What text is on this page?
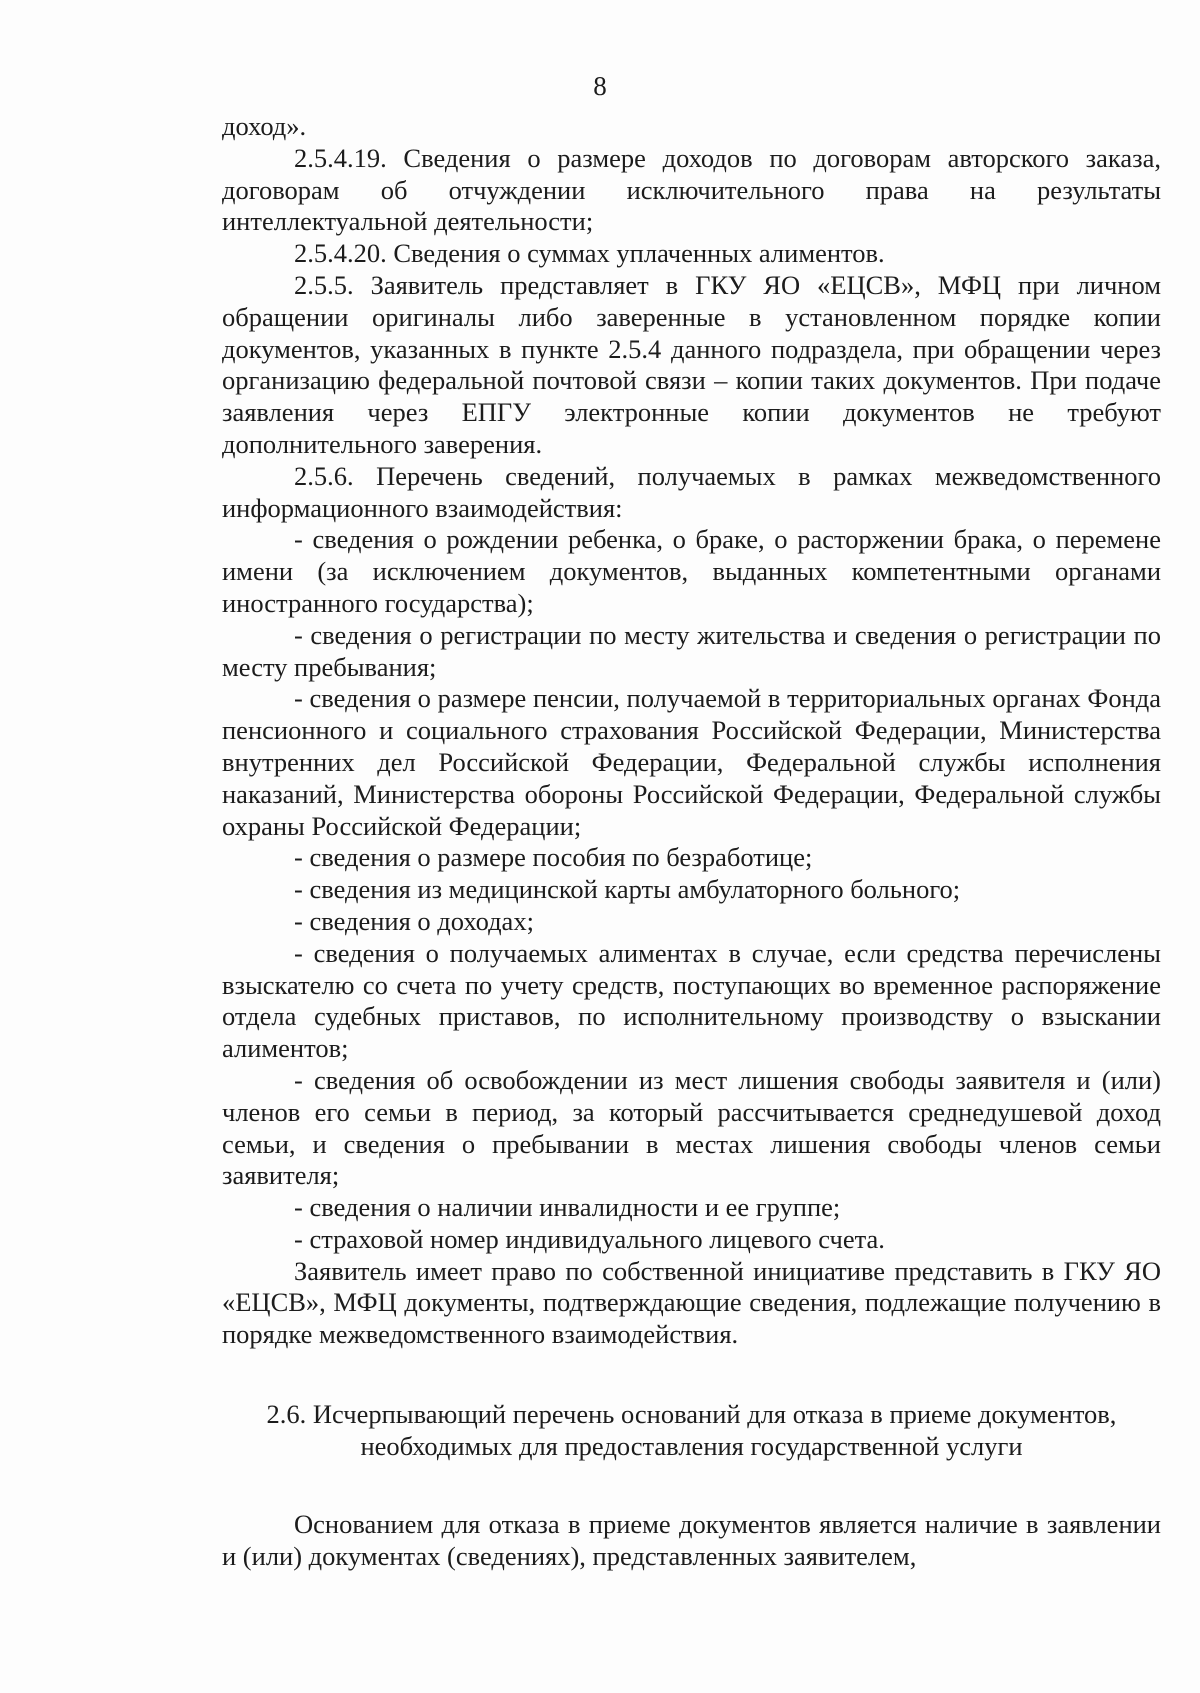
8

доход».

2.5.4.19. Сведения о размере доходов по договорам авторского заказа, договорам об отчуждении исключительного права на результаты интеллектуальной деятельности;

2.5.4.20. Сведения о суммах уплаченных алиментов.

2.5.5. Заявитель представляет в ГКУ ЯО «ЕЦСВ», МФЦ при личном обращении оригиналы либо заверенные в установленном порядке копии документов, указанных в пункте 2.5.4 данного подраздела, при обращении через организацию федеральной почтовой связи – копии таких документов. При подаче заявления через ЕПГУ электронные копии документов не требуют дополнительного заверения.

2.5.6. Перечень сведений, получаемых в рамках межведомственного информационного взаимодействия:

- сведения о рождении ребенка, о браке, о расторжении брака, о перемене имени (за исключением документов, выданных компетентными органами иностранного государства);

- сведения о регистрации по месту жительства и сведения о регистрации по месту пребывания;

- сведения о размере пенсии, получаемой в территориальных органах Фонда пенсионного и социального страхования Российской Федерации, Министерства внутренних дел Российской Федерации, Федеральной службы исполнения наказаний, Министерства обороны Российской Федерации, Федеральной службы охраны Российской Федерации;

- сведения о размере пособия по безработице;

- сведения из медицинской карты амбулаторного больного;

- сведения о доходах;

- сведения о получаемых алиментах в случае, если средства перечислены взыскателю со счета по учету средств, поступающих во временное распоряжение отдела судебных приставов, по исполнительному производству о взыскании алиментов;

- сведения об освобождении из мест лишения свободы заявителя и (или) членов его семьи в период, за который рассчитывается среднедушевой доход семьи, и сведения о пребывании в местах лишения свободы членов семьи заявителя;

- сведения о наличии инвалидности и ее группе;

- страховой номер индивидуального лицевого счета.

Заявитель имеет право по собственной инициативе представить в ГКУ ЯО «ЕЦСВ», МФЦ документы, подтверждающие сведения, подлежащие получению в порядке межведомственного взаимодействия.

2.6. Исчерпывающий перечень оснований для отказа в приеме документов,
необходимых для предоставления государственной услуги

Основанием для отказа в приеме документов является наличие в заявлении и (или) документах (сведениях), представленных заявителем,
